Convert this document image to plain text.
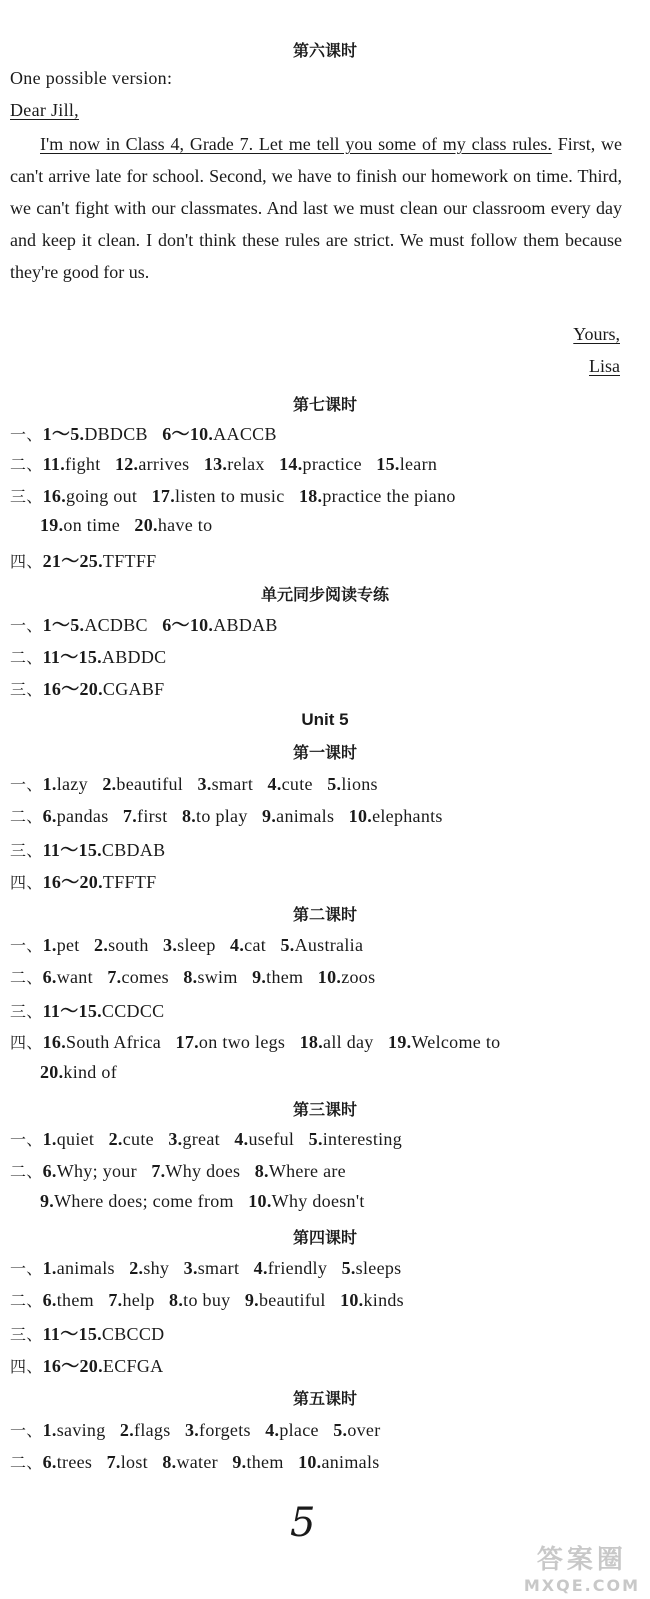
第六课时
One possible version:
Dear Jill,
I'm now in Class 4, Grade 7. Let me tell you some of my class rules. First, we can't arrive late for school. Second, we have to finish our homework on time. Third, we can't fight with our classmates. And last we must clean our classroom every day and keep it clean. I don't think these rules are strict. We must follow them because they're good for us.
Yours,
Lisa
第七课时
一、1～5.DBDCB 6～10.AACCB
二、11.fight 12.arrives 13.relax 14.practice 15.learn
三、16.going out 17.listen to music 18.practice the piano
19.on time 20.have to
四、21～25.TFTFF
单元同步阅读专练
一、1～5.ACDBC 6～10.ABDAB
二、11～15.ABDDC
三、16～20.CGABF
Unit 5
第一课时
一、1.lazy 2.beautiful 3.smart 4.cute 5.lions
二、6.pandas 7.first 8.to play 9.animals 10.elephants
三、11～15.CBDAB
四、16～20.TFFTF
第二课时
一、1.pet 2.south 3.sleep 4.cat 5.Australia
二、6.want 7.comes 8.swim 9.them 10.zoos
三、11～15.CCDCC
四、16.South Africa 17.on two legs 18.all day 19.Welcome to
20.kind of
第三课时
一、1.quiet 2.cute 3.great 4.useful 5.interesting
二、6.Why; your 7.Why does 8.Where are
9.Where does; come from 10.Why doesn't
第四课时
一、1.animals 2.shy 3.smart 4.friendly 5.sleeps
二、6.them 7.help 8.to buy 9.beautiful 10.kinds
三、11～15.CBCCD
四、16～20.ECFGA
第五课时
一、1.saving 2.flags 3.forgets 4.place 5.over
二、6.trees 7.lost 8.water 9.them 10.animals
5
答案圈
MXQE.COM
